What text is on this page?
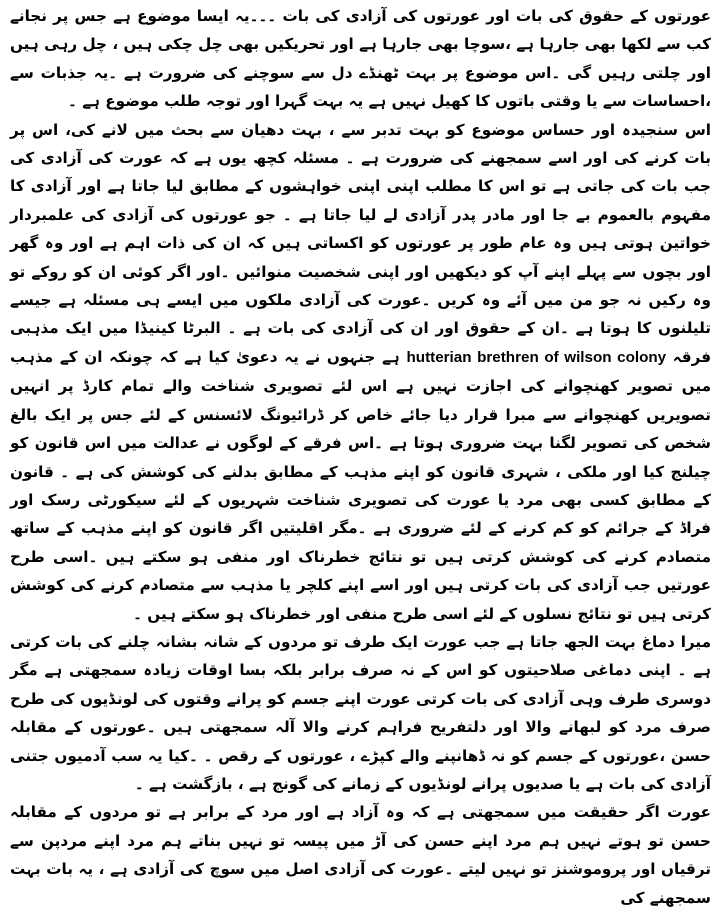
عورتوں کے حقوق کی بات اور عورتوں کی آزادی کی بات ۔۔۔یہ ایسا موضوع ہے جس پر نجانے کب سے لکھا بھی جارہا ہے ،سوچا بھی جارہا ہے اور تحریکیں بھی چل چکی ہیں ، چل رہی ہیں اور چلتی رہیں گی ۔اس موضوع پر بہت ٹھنڈے دل سے سوچنے کی ضرورت ہے ۔یہ جذبات سے ،احساسات سے یا وقتی باتوں کا کھیل نہیں ہے یہ بہت گہرا اور توجہ طلب موضوع ہے ۔

اس سنجیدہ اور حساس موضوع کو بہت تدبر سے ، بہت دھیان سے بحث میں لانے کی، اس پر بات کرنے کی اور اسے سمجھنے کی ضرورت ہے ۔ مسئلہ کچھ یوں ہے کہ عورت کی آزادی کی جب بات کی جاتی ہے تو اس کا مطلب اپنی اپنی خواہشوں کے مطابق لیا جاتا ہے اور آزادی کا مفہوم بالعموم بے جا اور مادر پدر آزادی لے لیا جاتا ہے ۔ جو عورتوں کی آزادی کی علمبردار خواتین ہوتی ہیں وہ عام طور پر عورتوں کو اکساتی ہیں کہ ان کی ذات اہم ہے اور وہ گھر اور بچوں سے پہلے اپنے آپ کو دیکھیں اور اپنی شخصیت منوائیں ۔اور اگر کوئی ان کو روکے تو وہ رکیں نہ جو من میں آئے وہ کریں ۔عورت کی آزادی ملکوں میں ایسے ہی مسئلہ ہے جیسے تلیلنوں کا ہوتا ہے ۔ان کے حقوق اور ان کی آزادی کی بات ہے ۔ البرٹا کینیڈا میں ایک مذہبی فرقہ hutterian brethren of wilson colony ہے جنہوں نے یہ دعویٰ کیا ہے کہ چونکہ ان کے مذہب میں تصویر کھنچوانے کی اجازت نہیں ہے اس لئے تصویری شناخت والے تمام کارڈ پر انہیں تصویریں کھنچوانے سے مبرا قرار دیا جائے خاص کر ڈرائیونگ لائسنس کے لئے جس پر ایک بالغ شخص کی تصویر لگنا بہت ضروری ہوتا ہے ۔اس فرقے کے لوگوں نے عدالت میں اس قانون کو چیلنج کیا اور ملکی ، شہری قانون کو اپنے مذہب کے مطابق بدلنے کی کوشش کی ہے ۔ قانون کے مطابق کسی بھی مرد یا عورت کی تصویری شناخت شہریوں کے لئے سیکورٹی رسک اور فراڈ کے جرائم کو کم کرنے کے لئے ضروری ہے ۔مگر اقلیتیں اگر قانون کو اپنے مذہب کے ساتھ متصادم کرنے کی کوشش کرتی ہیں تو نتائج خطرناک اور منفی ہو سکتے ہیں ۔اسی طرح عورتیں جب آزادی کی بات کرتی ہیں اور اسے اپنے کلچر یا مذہب سے متصادم کرنے کی کوشش کرتی ہیں تو نتائج نسلوں کے لئے اسی طرح منفی اور خطرناک ہو سکتے ہیں ۔

میرا دماغ بہت الجھ جاتا ہے جب عورت ایک طرف تو مردوں کے شانہ بشانہ چلنے کی بات کرتی ہے ۔ اپنی دماغی صلاحیتوں کو اس کے نہ صرف برابر بلکہ بسا اوقات زیادہ سمجھتی ہے مگر دوسری طرف وہی آزادی کی بات کرتی عورت اپنے جسم کو پرانے وقتوں کی لونڈیوں کی طرح صرف مرد کو لبھانے والا اور دلتفریح فراہم کرنے والا آلہ سمجھتی ہیں ۔عورتوں کے مقابلہ حسن ،عورتوں کے جسم کو نہ ڈھانپنے والے کپڑے ، عورتوں کے رقص ۔ ۔کیا یہ سب آدمیوں جتنی آزادی کی بات ہے یا صدیوں پرانے لونڈیوں کے زمانے کی گونج ہے ، بازگشت ہے ۔

عورت اگر حقیقت میں سمجھتی ہے کہ وہ آزاد ہے اور مرد کے برابر ہے تو مردوں کے مقابلہ حسن تو ہوتے نہیں ہم مرد اپنے حسن کی آڑ میں پیسہ تو نہیں بناتے ہم مرد اپنے مردپن سے ترقیاں اور پروموشنز تو نہیں لیتے ۔عورت کی آزادی اصل میں سوچ کی آزادی ہے ، یہ بات بہت سمجھنے کی
